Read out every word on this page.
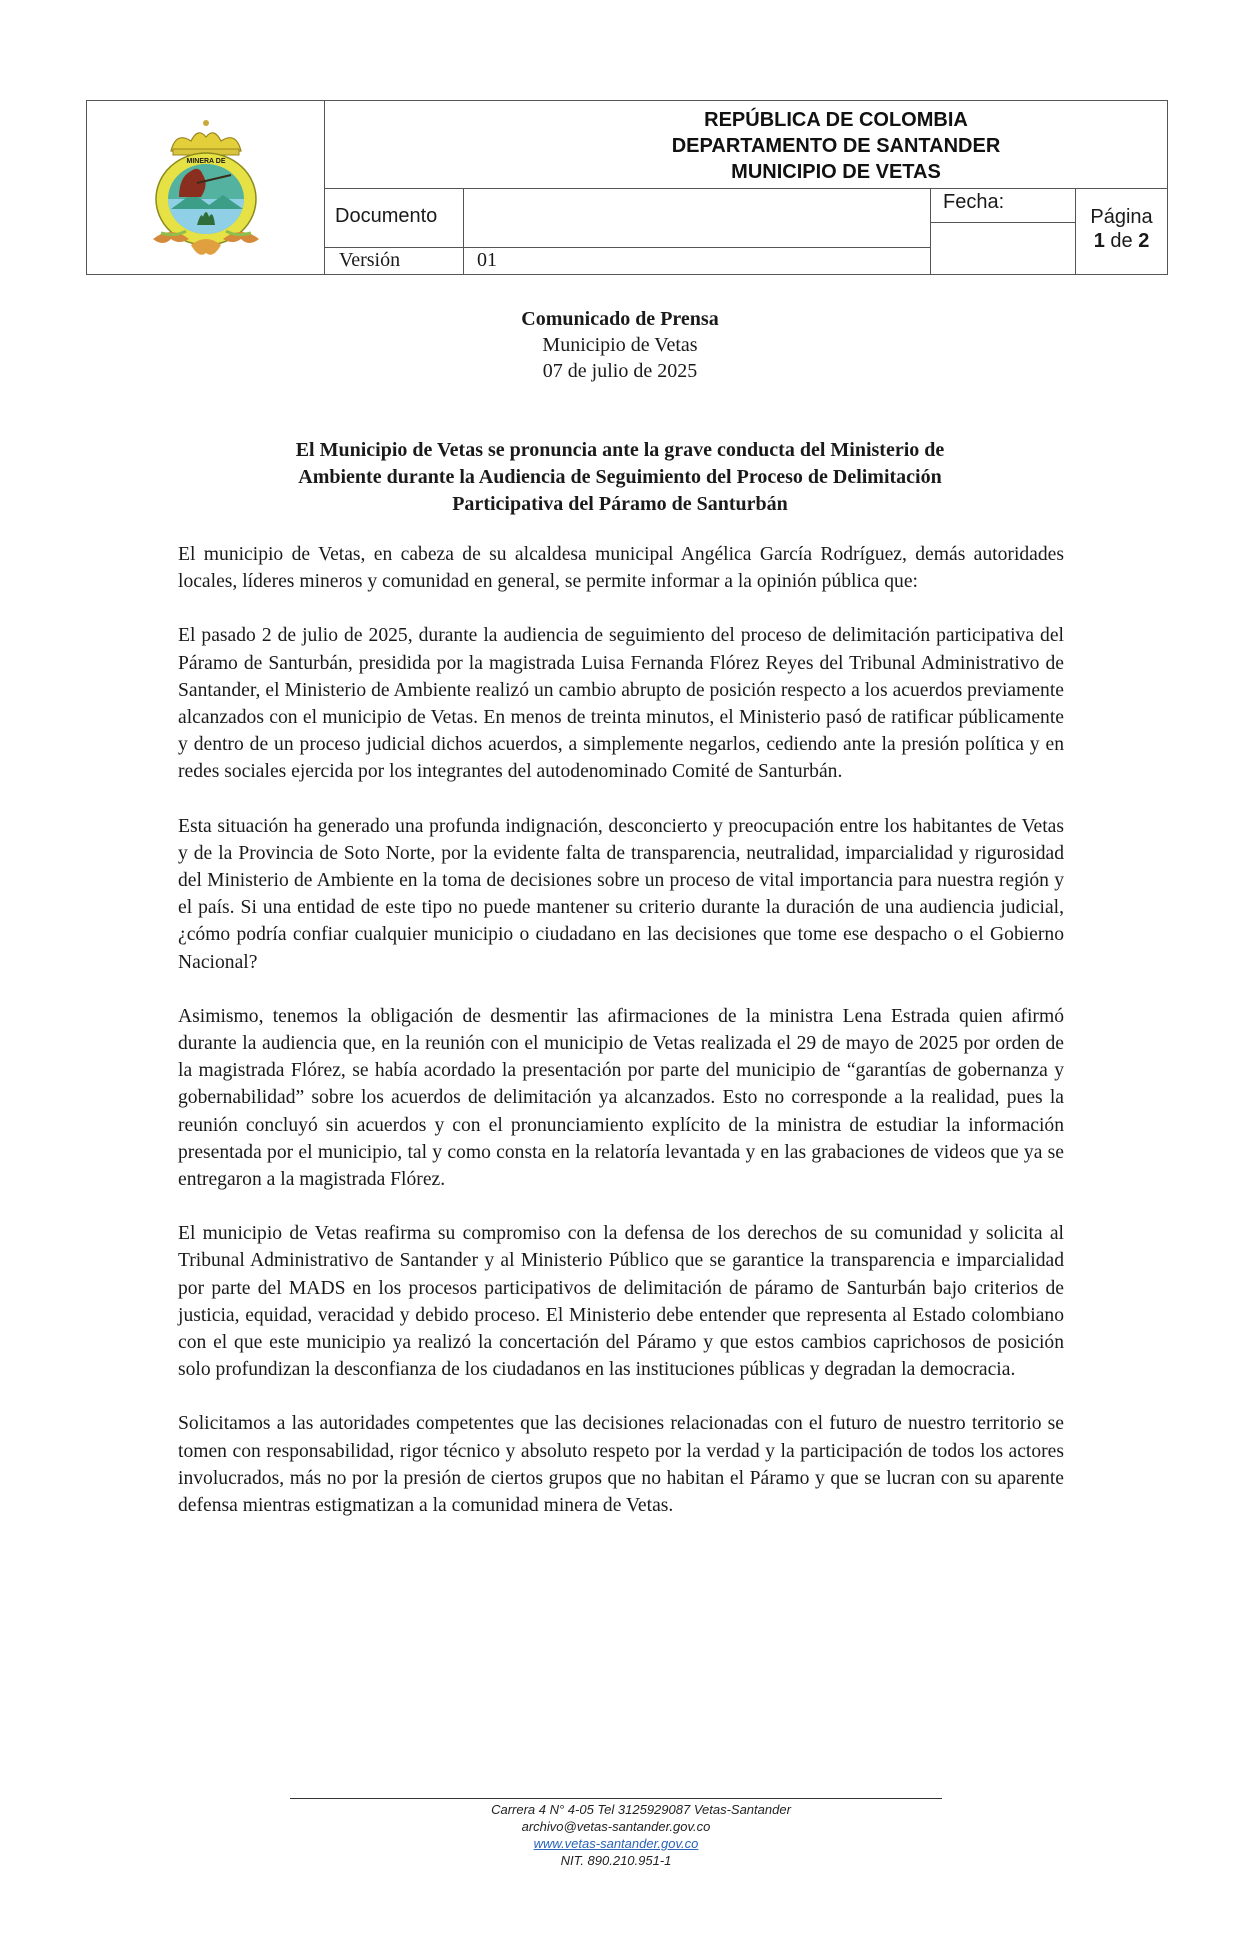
MINERA DE
REPÚBLICA DE COLOMBIA
DEPARTAMENTO DE SANTANDER
MUNICIPIO DE VETAS
Documento
Versión	01
Fecha:
Página
1 de 2
Comunicado de Prensa
Municipio de Vetas
07 de julio de 2025
El Municipio de Vetas se pronuncia ante la grave conducta del Ministerio de
Ambiente durante la Audiencia de Seguimiento del Proceso de Delimitación
Participativa del Páramo de Santurbán

El municipio de Vetas, en cabeza de su alcaldesa municipal Angélica García Rodríguez, demás autoridades locales, líderes mineros y comunidad en general, se permite informar a la opinión pública que:

El pasado 2 de julio de 2025, durante la audiencia de seguimiento del proceso de delimitación participativa del Páramo de Santurbán, presidida por la magistrada Luisa Fernanda Flórez Reyes del Tribunal Administrativo de Santander, el Ministerio de Ambiente realizó un cambio abrupto de posición respecto a los acuerdos previamente alcanzados con el municipio de Vetas. En menos de treinta minutos, el Ministerio pasó de ratificar públicamente y dentro de un proceso judicial dichos acuerdos, a simplemente negarlos, cediendo ante la presión política y en redes sociales ejercida por los integrantes del autodenominado Comité de Santurbán.

Esta situación ha generado una profunda indignación, desconcierto y preocupación entre los habitantes de Vetas y de la Provincia de Soto Norte, por la evidente falta de transparencia, neutralidad, imparcialidad y rigurosidad del Ministerio de Ambiente en la toma de decisiones sobre un proceso de vital importancia para nuestra región y el país. Si una entidad de este tipo no puede mantener su criterio durante la duración de una audiencia judicial, ¿cómo podría confiar cualquier municipio o ciudadano en las decisiones que tome ese despacho o el Gobierno Nacional?

Asimismo, tenemos la obligación de desmentir las afirmaciones de la ministra Lena Estrada quien afirmó durante la audiencia que, en la reunión con el municipio de Vetas realizada el 29 de mayo de 2025 por orden de la magistrada Flórez, se había acordado la presentación por parte del municipio de “garantías de gobernanza y gobernabilidad” sobre los acuerdos de delimitación ya alcanzados. Esto no corresponde a la realidad, pues la reunión concluyó sin acuerdos y con el pronunciamiento explícito de la ministra de estudiar la información presentada por el municipio, tal y como consta en la relatoría levantada y en las grabaciones de videos que ya se entregaron a la magistrada Flórez.

El municipio de Vetas reafirma su compromiso con la defensa de los derechos de su comunidad y solicita al Tribunal Administrativo de Santander y al Ministerio Público que se garantice la transparencia e imparcialidad por parte del MADS en los procesos participativos de delimitación de páramo de Santurbán bajo criterios de justicia, equidad, veracidad y debido proceso. El Ministerio debe entender que representa al Estado colombiano con el que este municipio ya realizó la concertación del Páramo y que estos cambios caprichosos de posición solo profundizan la desconfianza de los ciudadanos en las instituciones públicas y degradan la democracia.

Solicitamos a las autoridades competentes que las decisiones relacionadas con el futuro de nuestro territorio se tomen con responsabilidad, rigor técnico y absoluto respeto por la verdad y la participación de todos los actores involucrados, más no por la presión de ciertos grupos que no habitan el Páramo y que se lucran con su aparente defensa mientras estigmatizan a la comunidad minera de Vetas.

Carrera 4 N° 4-05 Tel 3125929087 Vetas-Santander
archivo@vetas-santander.gov.co
www.vetas-santander.gov.co
NIT. 890.210.951-1
